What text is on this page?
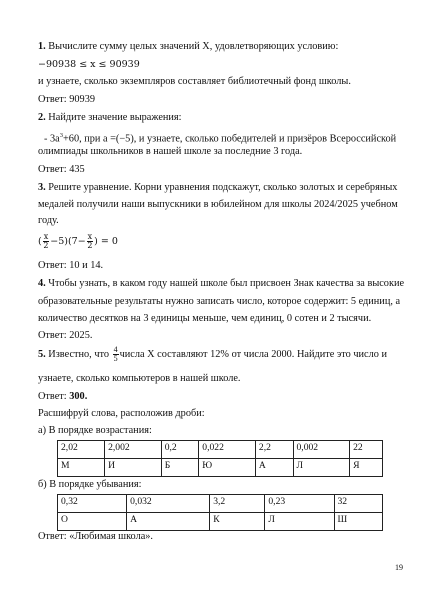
1. Вычислите сумму целых значений X, удовлетворяющих условию:
−90938 ≤ x ≤ 90939
и узнаете, сколько экземпляров составляет библиотечный фонд школы.
Ответ: 90939
2. Найдите значение выражения:
- $3a^3+60$, при a =(−5), и узнаете, сколько победителей и призёров Всероссийской
олимпиады школьников в нашей школе за последние 3 года.
Ответ: 435
3. Решите уравнение. Корни уравнения подскажут, сколько золотых и серебряных
медалей получили наши выпускники в юбилейном для школы 2024/2025 учебном
году.
( $\frac{x}{2} -5)(7- \frac{x}{2}$ ) = 0
Ответ: 10 и 14.
4. Чтобы узнать, в каком году нашей школе был присвоен Знак качества за высокие
образовательные результаты нужно записать число, которое содержит: 5 единиц, а
количество десятков на 3 единицы меньше, чем единиц, 0 сотен и 2 тысячи.
Ответ: 2025.
5. Известно, что $\frac{4}{5}$ числа X составляют 12% от числа 2000. Найдите это число и
узнаете, сколько компьютеров в нашей школе.
Ответ: 300.
Расшифруй слова, расположив дроби:
а) В порядке возрастания:
2,02	2,002	0,2	0,022	2,2	0,002	22
М	И	Б	Ю	А	Л	Я
б) В порядке убывания:
0,32	0,032	3,2	0,23	32
О	А	К	Л	Ш
Ответ: «Любимая школа».
19
